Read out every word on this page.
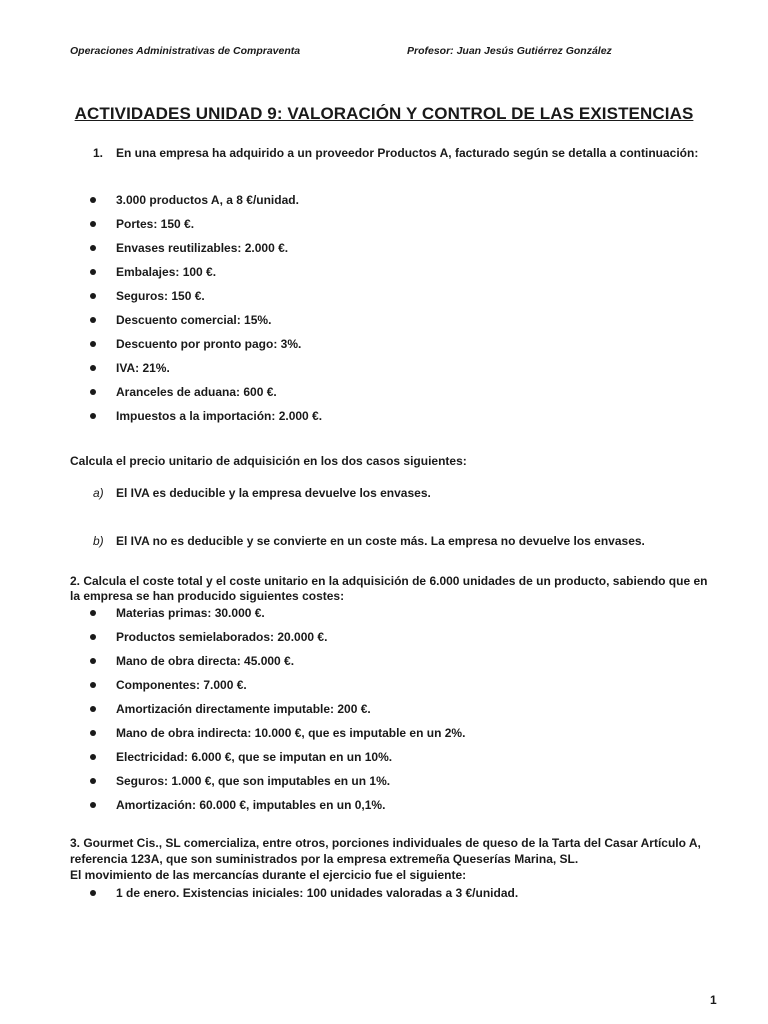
Operaciones Administrativas de Compraventa	Profesor: Juan Jesús Gutiérrez González
ACTIVIDADES UNIDAD 9: VALORACIÓN Y CONTROL DE LAS EXISTENCIAS
1. En una empresa ha adquirido a un proveedor Productos A, facturado según se detalla a continuación:
3.000 productos A, a 8 €/unidad.
Portes: 150 €.
Envases reutilizables: 2.000 €.
Embalajes: 100 €.
Seguros: 150 €.
Descuento comercial: 15%.
Descuento por pronto pago: 3%.
IVA: 21%.
Aranceles de aduana: 600 €.
Impuestos a la importación: 2.000 €.
Calcula el precio unitario de adquisición en los dos casos siguientes:
a) El IVA es deducible y la empresa devuelve los envases.
b) El IVA no es deducible y se convierte en un coste más. La empresa no devuelve los envases.
2. Calcula el coste total y el coste unitario en la adquisición de 6.000 unidades de un producto, sabiendo que en
la empresa se han producido siguientes costes:
Materias primas: 30.000 €.
Productos semielaborados: 20.000 €.
Mano de obra directa: 45.000 €.
Componentes: 7.000 €.
Amortización directamente imputable: 200 €.
Mano de obra indirecta: 10.000 €, que es imputable en un 2%.
Electricidad: 6.000 €, que se imputan en un 10%.
Seguros: 1.000 €, que son imputables en un 1%.
Amortización: 60.000 €, imputables en un 0,1%.
3. Gourmet Cis., SL comercializa, entre otros, porciones individuales de queso de la Tarta del Casar Artículo A,
referencia 123A, que son suministrados por la empresa extremeña Queserías Marina, SL.
El movimiento de las mercancías durante el ejercicio fue el siguiente:
1 de enero. Existencias iniciales: 100 unidades valoradas a 3 €/unidad.
1
